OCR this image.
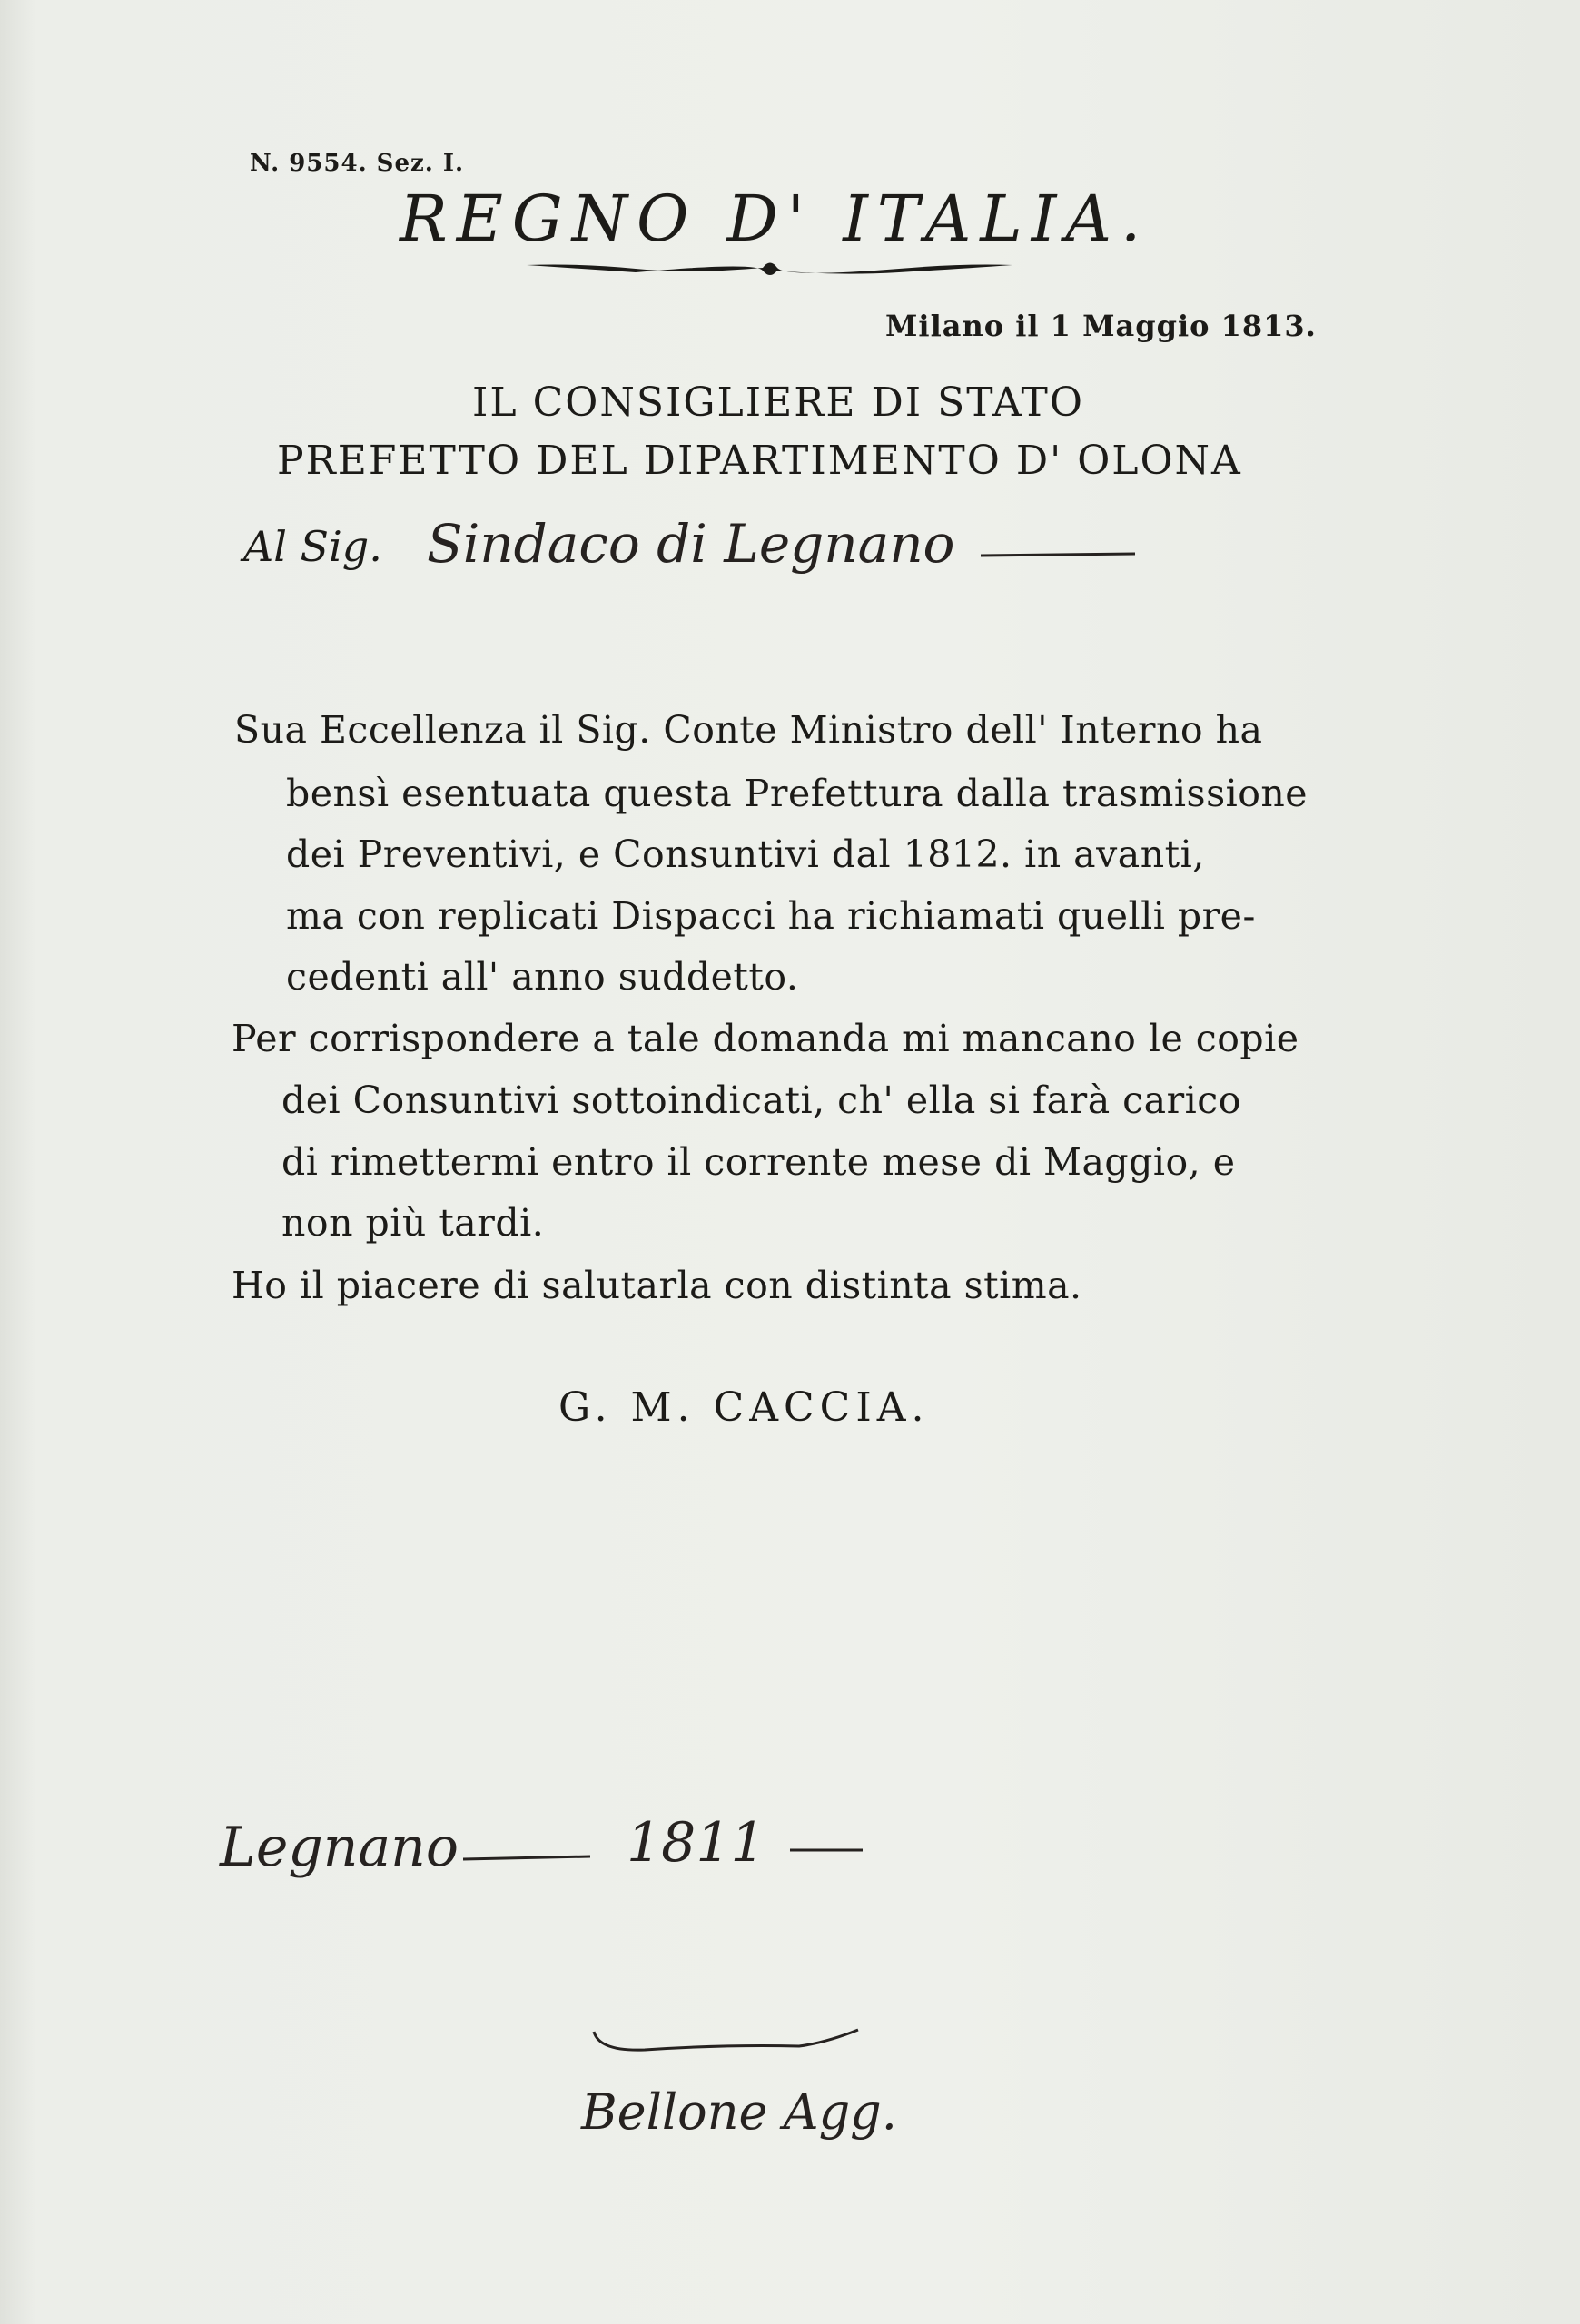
N. 9554. Sez. I.

REGNO D' ITALIA.

Milano il 1 Maggio 1813.

IL CONSIGLIERE DI STATO
PREFETTO DEL DIPARTIMENTO D' OLONA

Al Sig. Sindaco di Legnano

Sua Eccellenza il Sig. Conte Ministro dell' Interno ha

bensì esentuata questa Prefettura dalla trasmissione

dei Preventivi, e Consuntivi dal 1812. in avanti,

ma con replicati Dispacci ha richiamati quelli pre-

cedenti all' anno suddetto.

Per corrispondere a tale domanda mi mancano le copie

dei Consuntivi sottoindicati, ch' ella si farà carico

di rimettermi entro il corrente mese di Maggio, e

non più tardi.

Ho il piacere di salutarla con distinta stima.

G. M. CACCIA.

Legnano	1811

Bellone Agg.
